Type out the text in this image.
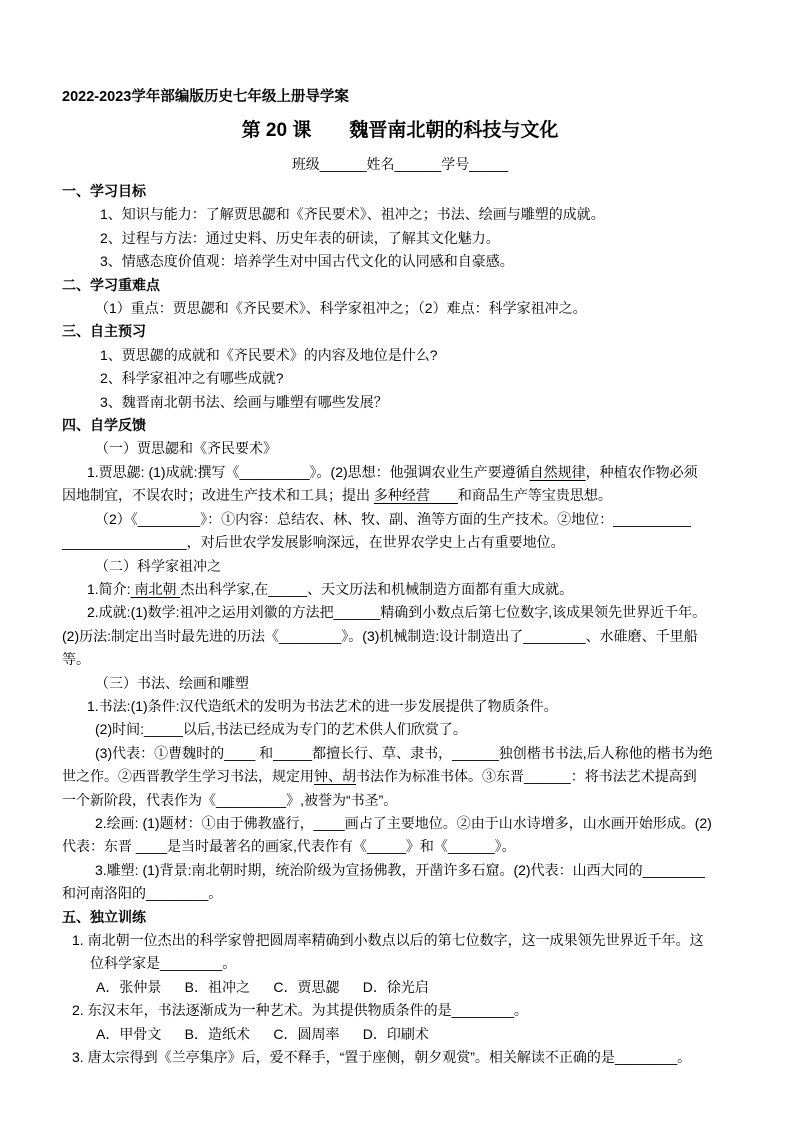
2022-2023学年部编版历史七年级上册导学案
第 20 课　　魏晋南北朝的科技与文化
班级______姓名______学号_____
一、学习目标
1、知识与能力：了解贾思勰和《齐民要术》、祖冲之；书法、绘画与雕塑的成就。
2、过程与方法：通过史料、历史年表的研读，了解其文化魅力。
3、情感态度价值观：培养学生对中国古代文化的认同感和自豪感。
二、学习重难点
（1）重点：贾思勰和《齐民要术》、科学家祖冲之；（2）难点：科学家祖冲之。
三、自主预习
1、贾思勰的成就和《齐民要术》的内容及地位是什么?
2、科学家祖冲之有哪些成就?
3、魏晋南北朝书法、绘画与雕塑有哪些发展？
四、自学反馈
（一）贾思勰和《齐民要术》
1.贾思勰: (1)成就:撰写《_________》。(2)思想：他强调农业生产要遵循自然规律，种植农作物必须
因地制宜，不误农时；改进生产技术和工具；提出 多种经营　　和商品生产等宝贵思想。
（2）《________》：①内容：总结农、林、牧、副、渔等方面的生产技术。②地位：__________
________________，对后世农学发展影响深远，在世界农学史上占有重要地位。
（二）科学家祖冲之
1.简介: 南北朝 杰出科学家,在_____、天文历法和机械制造方面都有重大成就。
2.成就:(1)数学:祖冲之运用刘徽的方法把______精确到小数点后第七位数字,该成果领先世界近千年。
(2)历法:制定出当时最先进的历法《________》。(3)机械制造:设计制造出了________、水碓磨、千里船
等。
（三）书法、绘画和雕塑
1.书法:(1)条件:汉代造纸术的发明为书法艺术的进一步发展提供了物质条件。
(2)时间:_____以后,书法已经成为专门的艺术供人们欣赏了。
(3)代表：①曹魏时的____ 和_____都擅长行、草、隶书，______独创楷书书法,后人称他的楷书为绝
世之作。②西晋教学生学习书法，规定用钟、胡书法作为标准书体。③东晋______：将书法艺术提高到
一个新阶段，代表作为《_________》,被誉为“书圣”。
2.绘画: (1)题材：①由于佛教盛行，____画占了主要地位。②由于山水诗增多，山水画开始形成。(2)
代表：东晋 ____是当时最著名的画家,代表作有《_____》和《______》。
3.雕塑: (1)背景:南北朝时期，统治阶级为宣扬佛教，开凿许多石窟。(2)代表：山西大同的________
和河南洛阳的________。
五、独立训练
1. 南北朝一位杰出的科学家曾把圆周率精确到小数点以后的第七位数字，这一成果领先世界近千年。这
位科学家是________。
A．张仲景      B．祖冲之      C．贾思勰      D．徐光启
2. 东汉末年，书法逐渐成为一种艺术。为其提供物质条件的是________。
A．甲骨文      B．造纸术      C．圆周率      D．印刷术
3. 唐太宗得到《兰亭集序》后，爱不释手，“置于座侧，朝夕观赏”。相关解读不正确的是________。
